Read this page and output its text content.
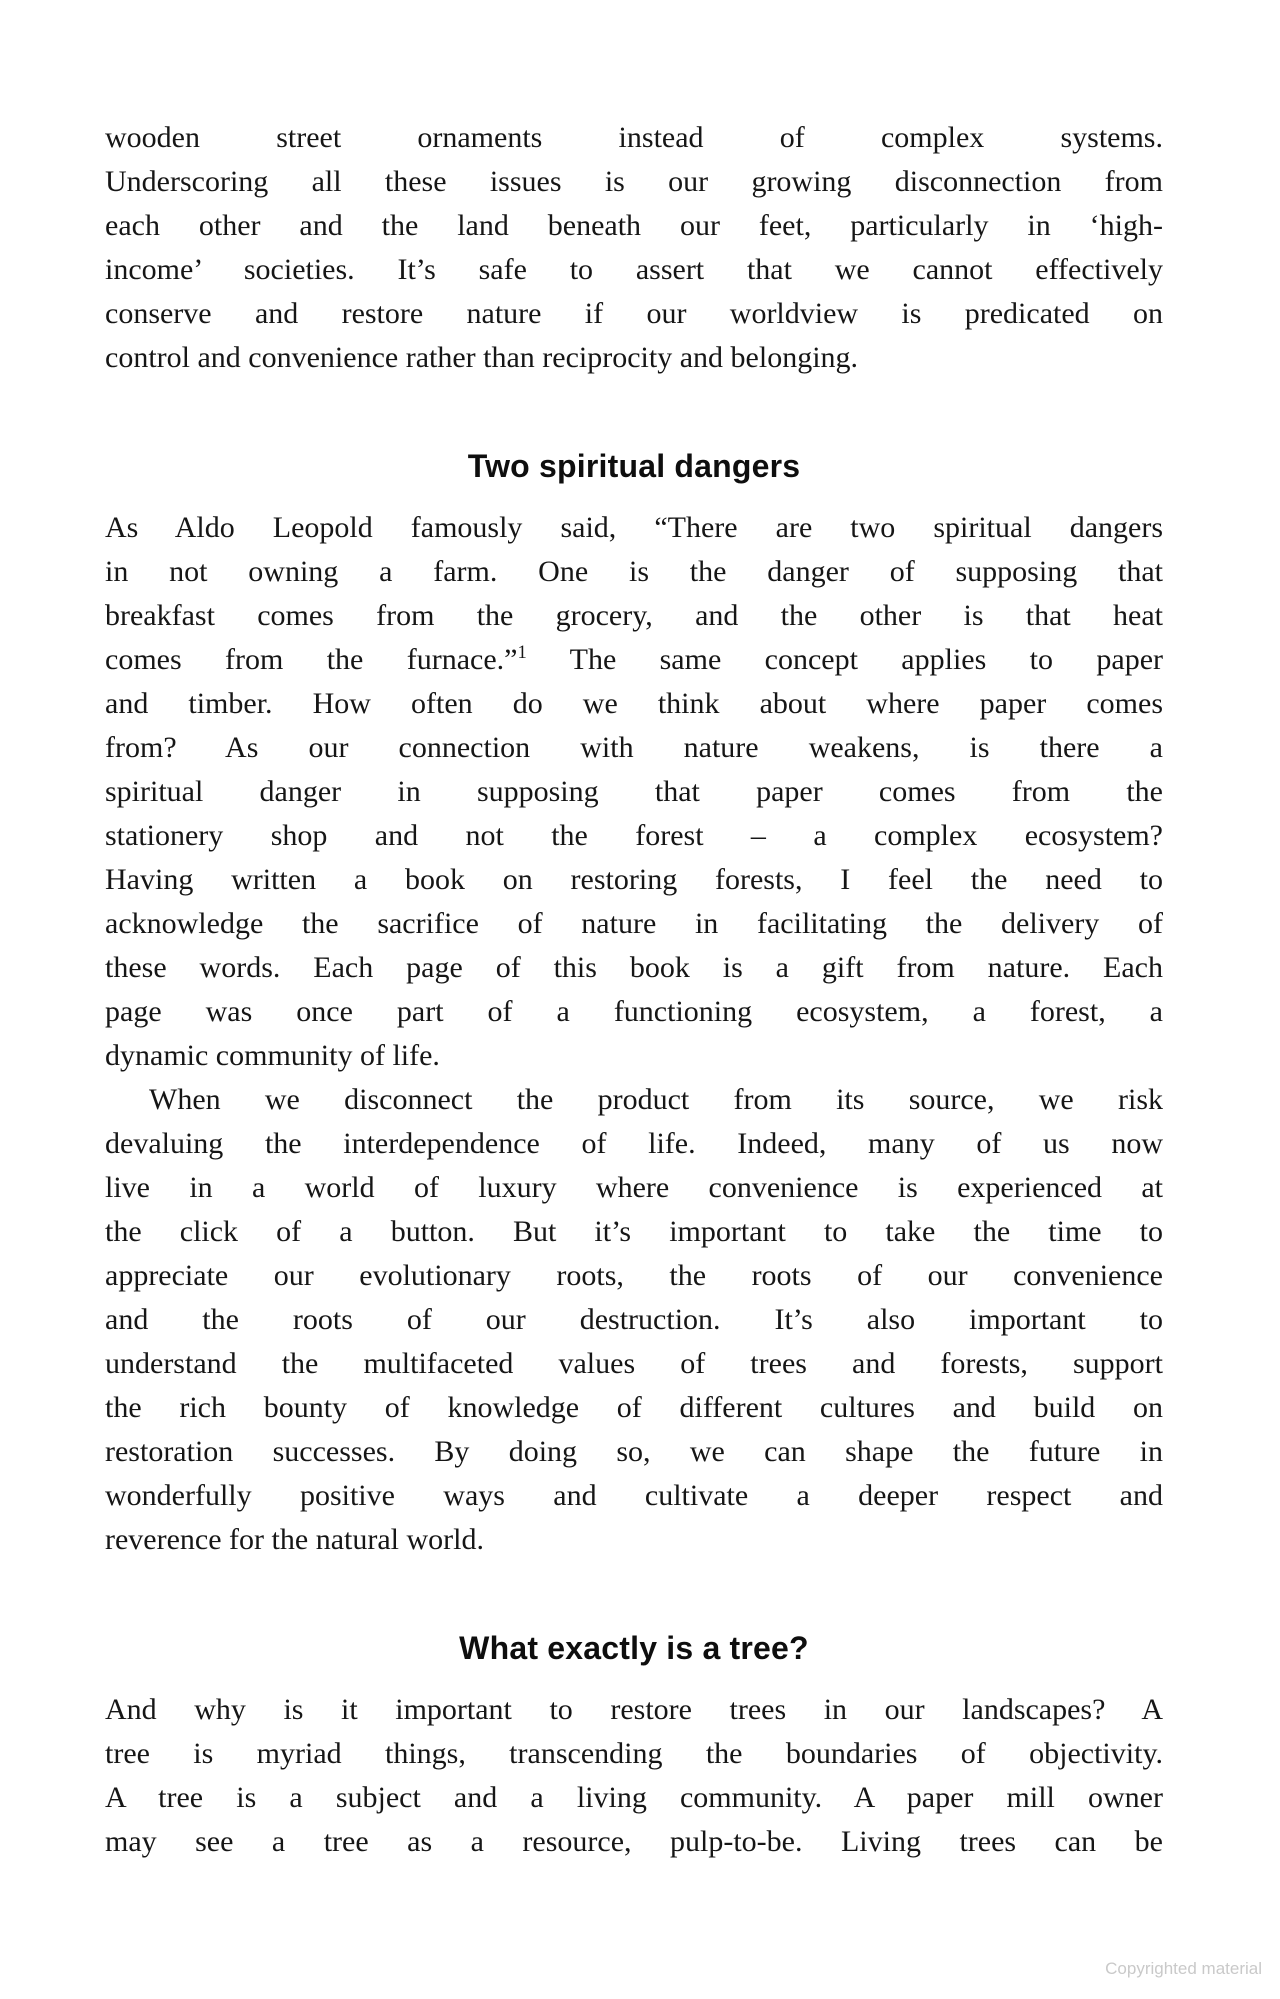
wooden street ornaments instead of complex systems.
Underscoring all these issues is our growing disconnection from
each other and the land beneath our feet, particularly in ‘high-
income’ societies. It’s safe to assert that we cannot effectively
conserve and restore nature if our worldview is predicated on
control and convenience rather than reciprocity and belonging.
Two spiritual dangers
As Aldo Leopold famously said, “There are two spiritual dangers
in not owning a farm. One is the danger of supposing that
breakfast comes from the grocery, and the other is that heat
comes from the furnace.”$^1$ The same concept applies to paper
and timber. How often do we think about where paper comes
from? As our connection with nature weakens, is there a
spiritual danger in supposing that paper comes from the
stationery shop and not the forest – a complex ecosystem?
Having written a book on restoring forests, I feel the need to
acknowledge the sacrifice of nature in facilitating the delivery of
these words. Each page of this book is a gift from nature. Each
page was once part of a functioning ecosystem, a forest, a
dynamic community of life.
When we disconnect the product from its source, we risk
devaluing the interdependence of life. Indeed, many of us now
live in a world of luxury where convenience is experienced at
the click of a button. But it’s important to take the time to
appreciate our evolutionary roots, the roots of our convenience
and the roots of our destruction. It’s also important to
understand the multifaceted values of trees and forests, support
the rich bounty of knowledge of different cultures and build on
restoration successes. By doing so, we can shape the future in
wonderfully positive ways and cultivate a deeper respect and
reverence for the natural world.
What exactly is a tree?
And why is it important to restore trees in our landscapes? A
tree is myriad things, transcending the boundaries of objectivity.
A tree is a subject and a living community. A paper mill owner
may see a tree as a resource, pulp-to-be. Living trees can be
Copyrighted material
